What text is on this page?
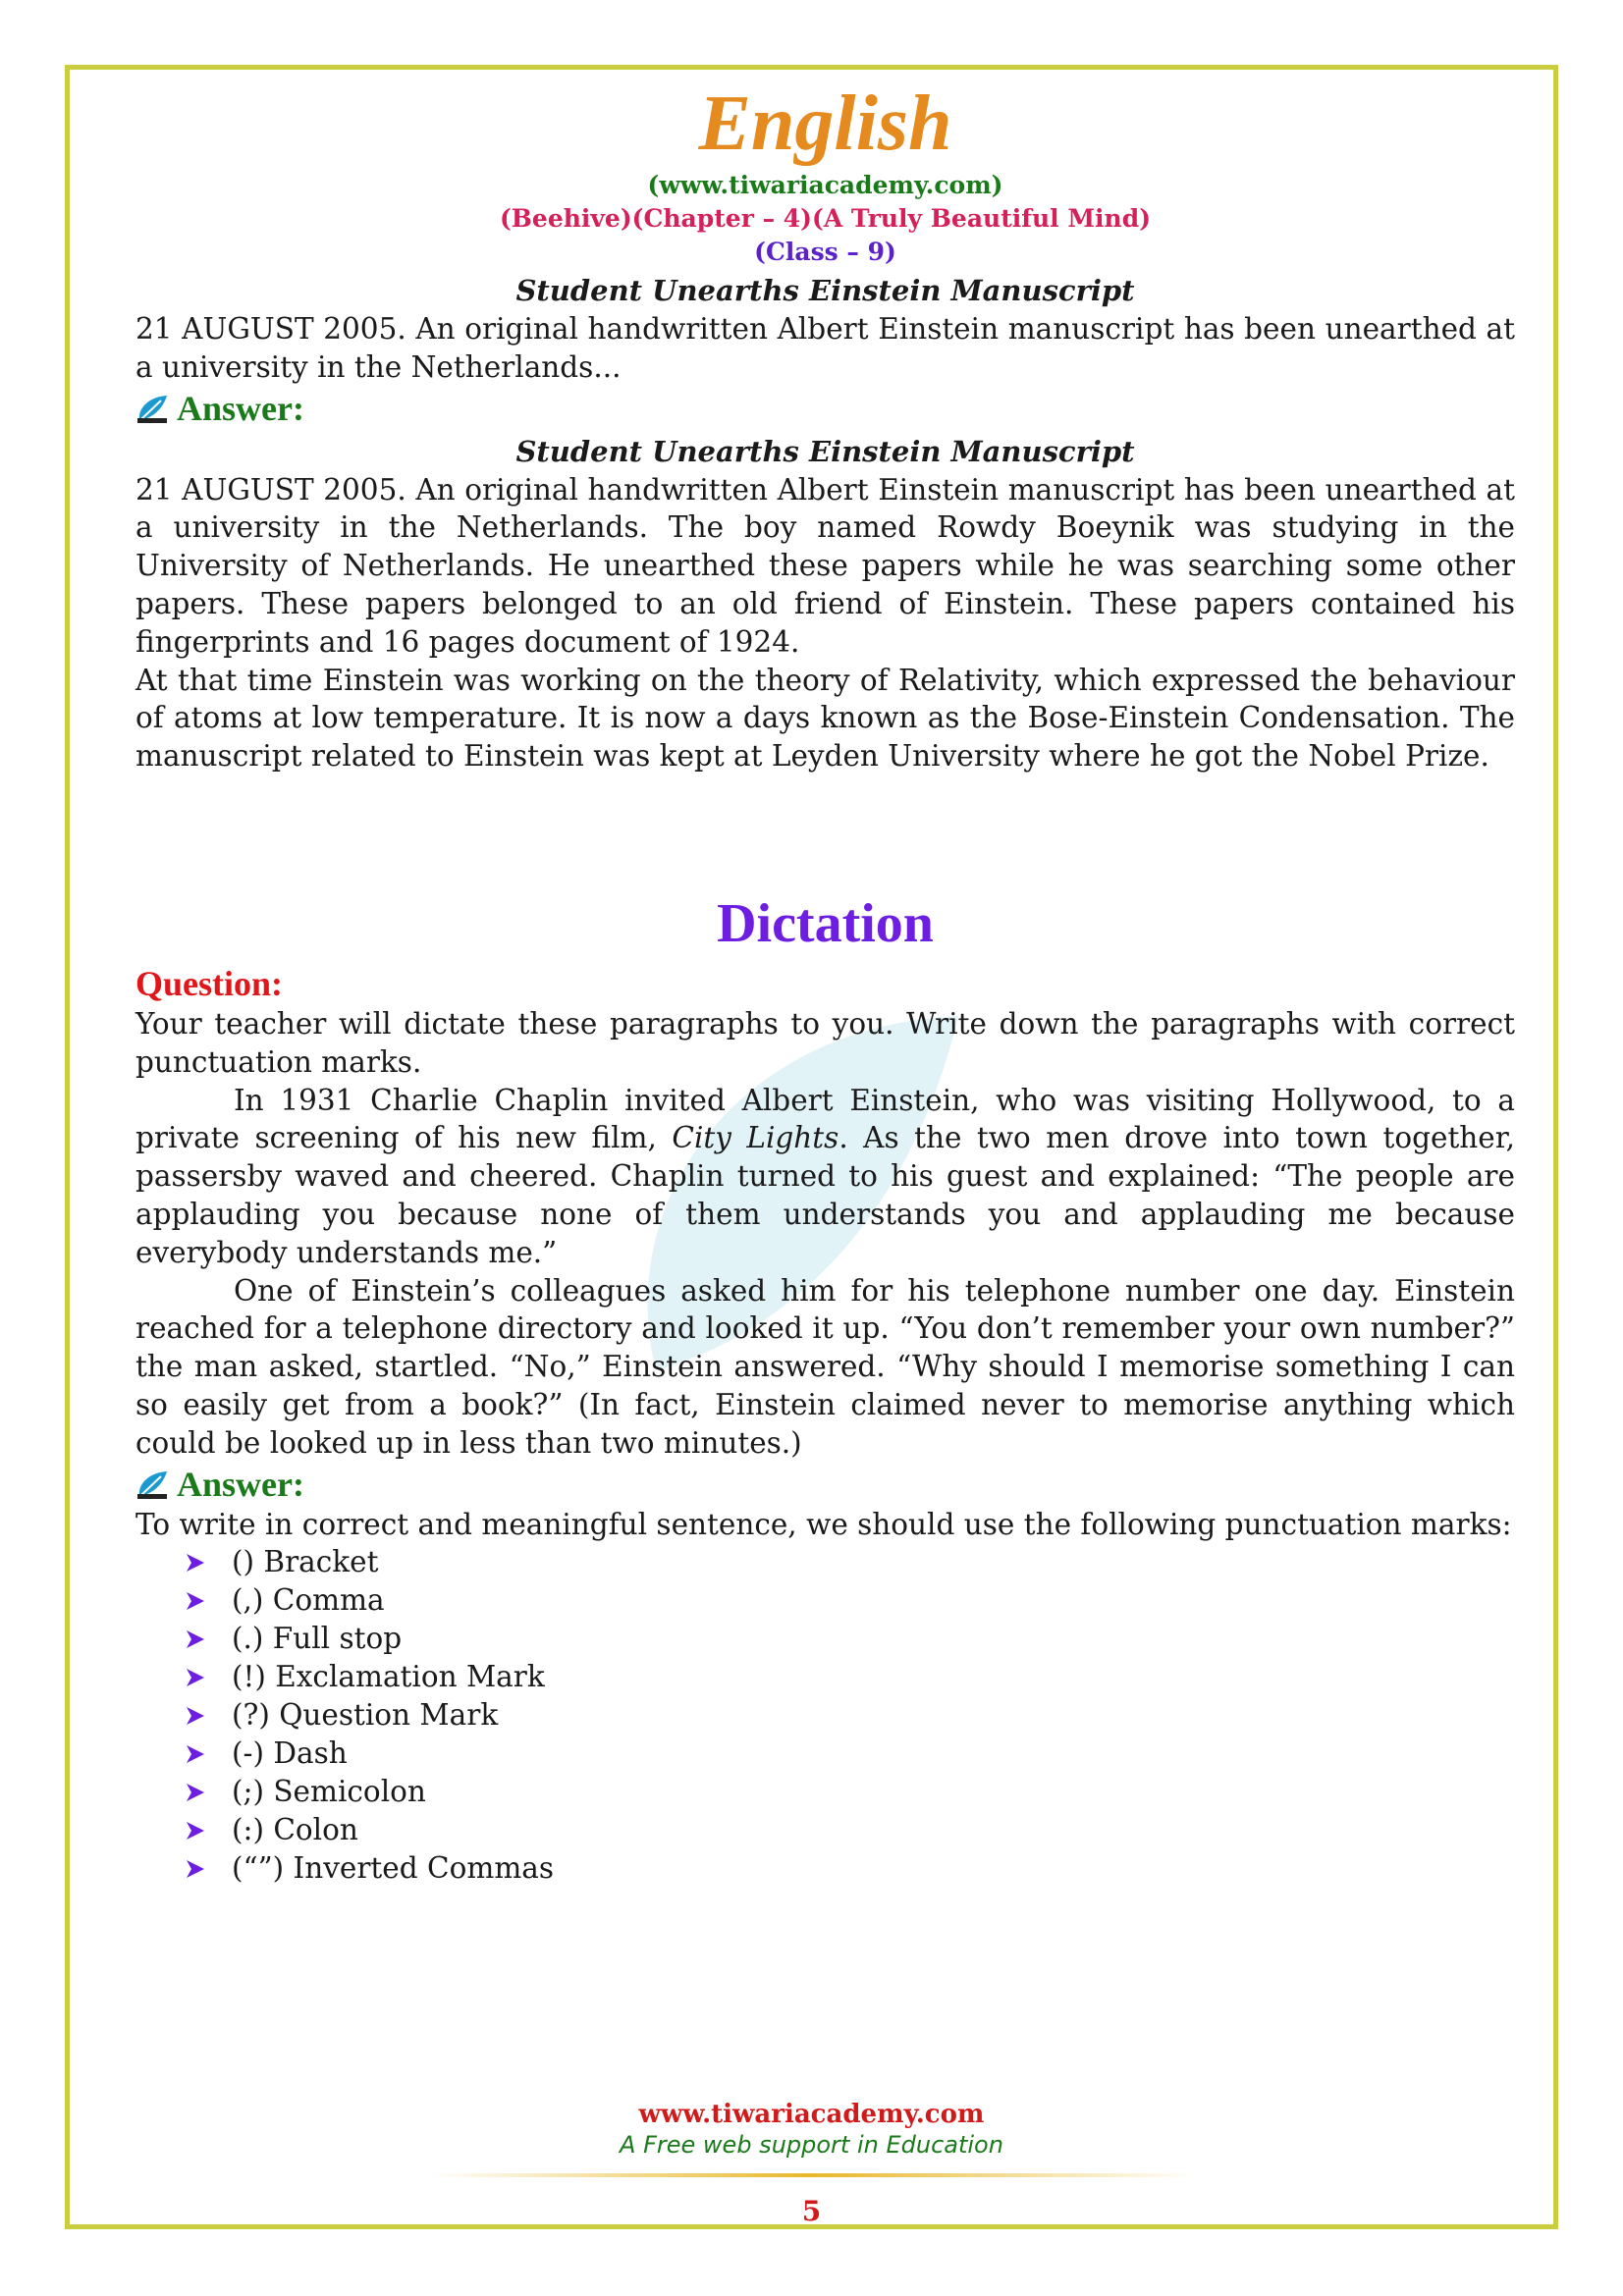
English
(www.tiwariacademy.com)
(Beehive)(Chapter – 4)(A Truly Beautiful Mind)
(Class – 9)
Student Unearths Einstein Manuscript

21 AUGUST 2005. An original handwritten Albert Einstein manuscript has been unearthed at a university in the Netherlands...

Answer:
Student Unearths Einstein Manuscript

21 AUGUST 2005. An original handwritten Albert Einstein manuscript has been unearthed at a university in the Netherlands. The boy named Rowdy Boeynik was studying in the University of Netherlands. He unearthed these papers while he was searching some other papers. These papers belonged to an old friend of Einstein. These papers contained his fingerprints and 16 pages document of 1924.

At that time Einstein was working on the theory of Relativity, which expressed the behaviour of atoms at low temperature. It is now a days known as the Bose-Einstein Condensation. The manuscript related to Einstein was kept at Leyden University where he got the Nobel Prize.

Dictation
Question:

Your teacher will dictate these paragraphs to you. Write down the paragraphs with correct punctuation marks.

In 1931 Charlie Chaplin invited Albert Einstein, who was visiting Hollywood, to a private screening of his new film, City Lights. As the two men drove into town together, passersby waved and cheered. Chaplin turned to his guest and explained: “The people are applauding you because none of them understands you and applauding me because everybody understands me.”

One of Einstein’s colleagues asked him for his telephone number one day. Einstein reached for a telephone directory and looked it up. “You don’t remember your own number?” the man asked, startled. “No,” Einstein answered. “Why should I memorise something I can so easily get from a book?” (In fact, Einstein claimed never to memorise anything which could be looked up in less than two minutes.)

Answer:

To write in correct and meaningful sentence, we should use the following punctuation marks:

() Bracket
(,) Comma
(.) Full stop
(!) Exclamation Mark
(?) Question Mark
(-) Dash
(;) Semicolon
(:) Colon
(“”) Inverted Commas
www.tiwariacademy.com
A Free web support in Education
5
